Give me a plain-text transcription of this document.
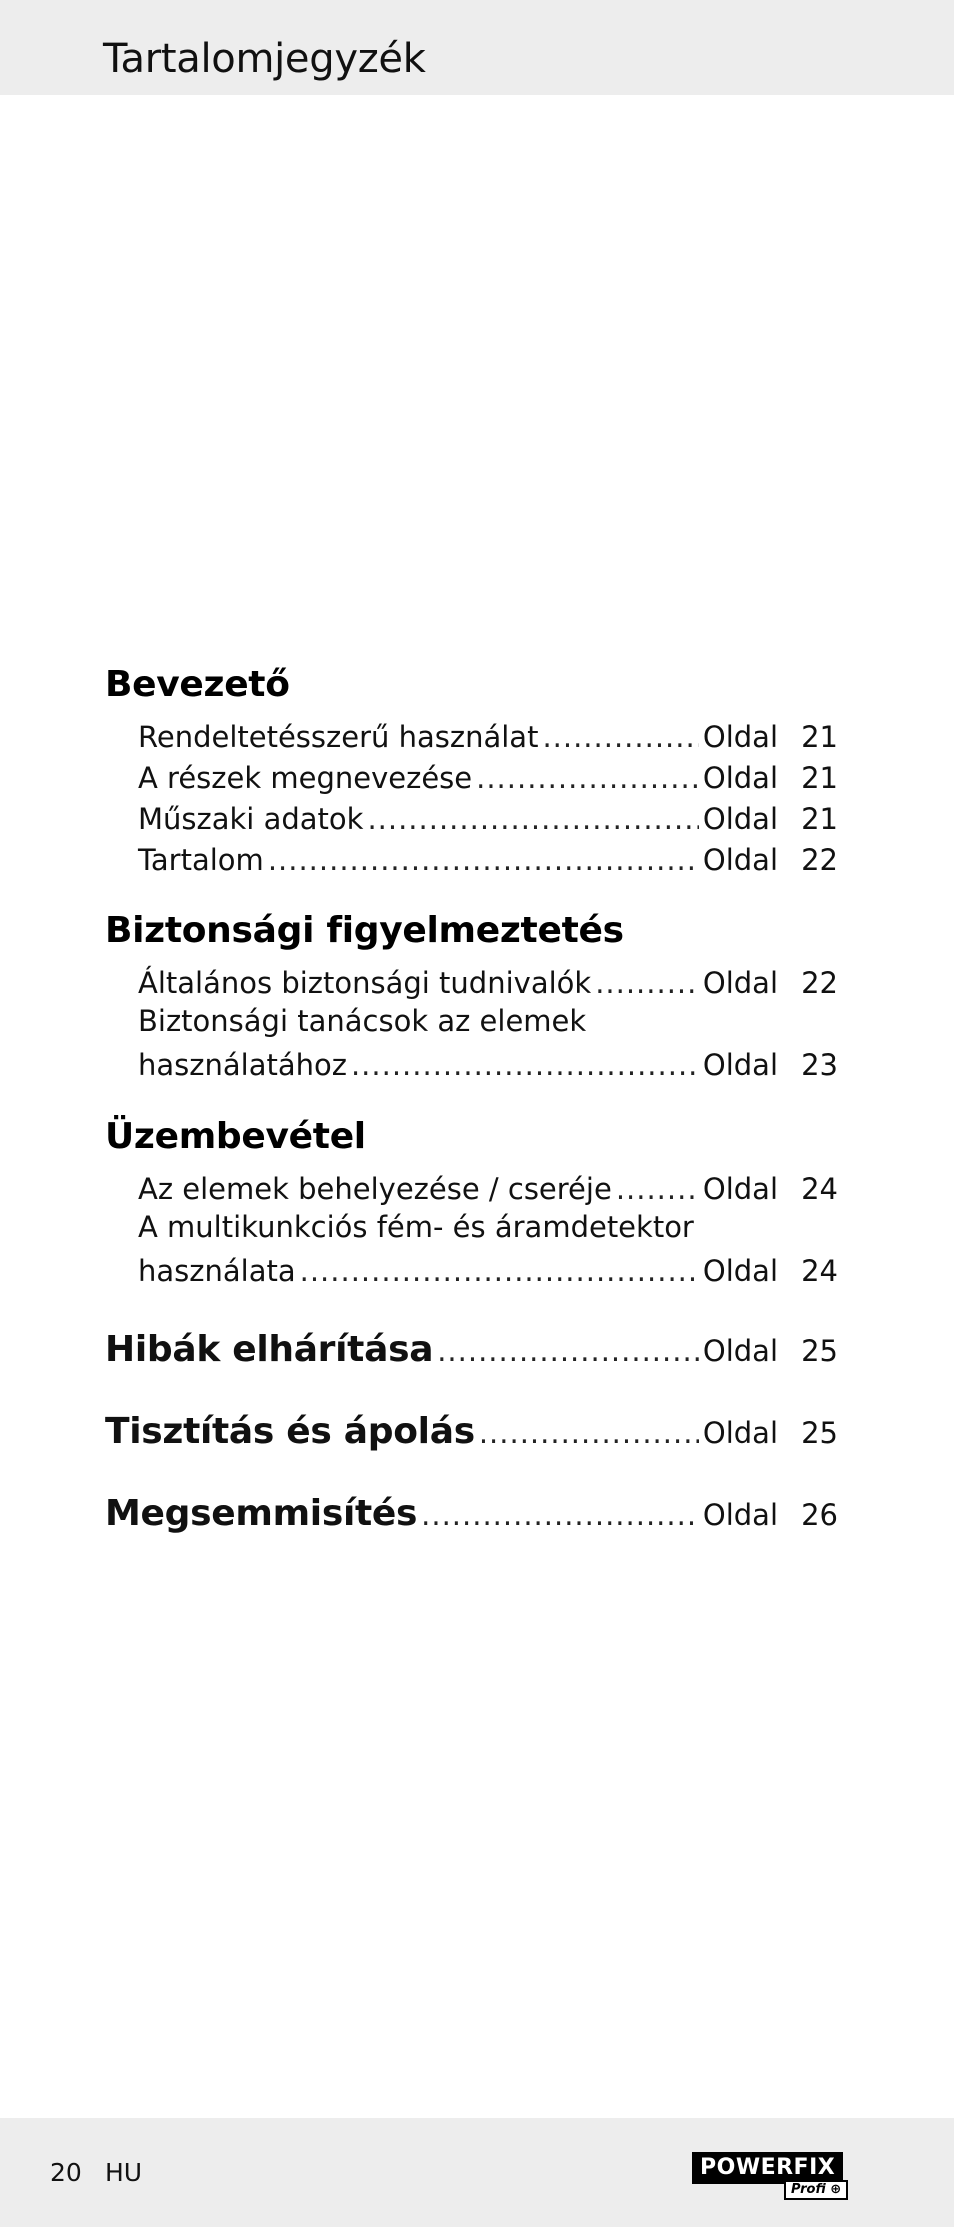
Tartalomjegyzék
Bevezető
Rendeltetésszerű használat .....	Oldal 21
A részek megnevezése .....	Oldal 21
Műszaki adatok .....	Oldal 21
Tartalom .....	Oldal 22
Biztonsági figyelmeztetés
Általános biztonsági tudnivalók .....	Oldal 22
Biztonsági tanácsok az elemek
használatához .....	Oldal 23
Üzembevétel
Az elemek behelyezése / cseréje .....	Oldal 24
A multikunkciós fém- és áramdetektor
használata .....	Oldal 24
Hibák elhárítása .....	Oldal 25
Tisztítás és ápolás .....	Oldal 25
Megsemmisítés .....	Oldal 26
20 HU	POWERFIX
Profi ⊕
